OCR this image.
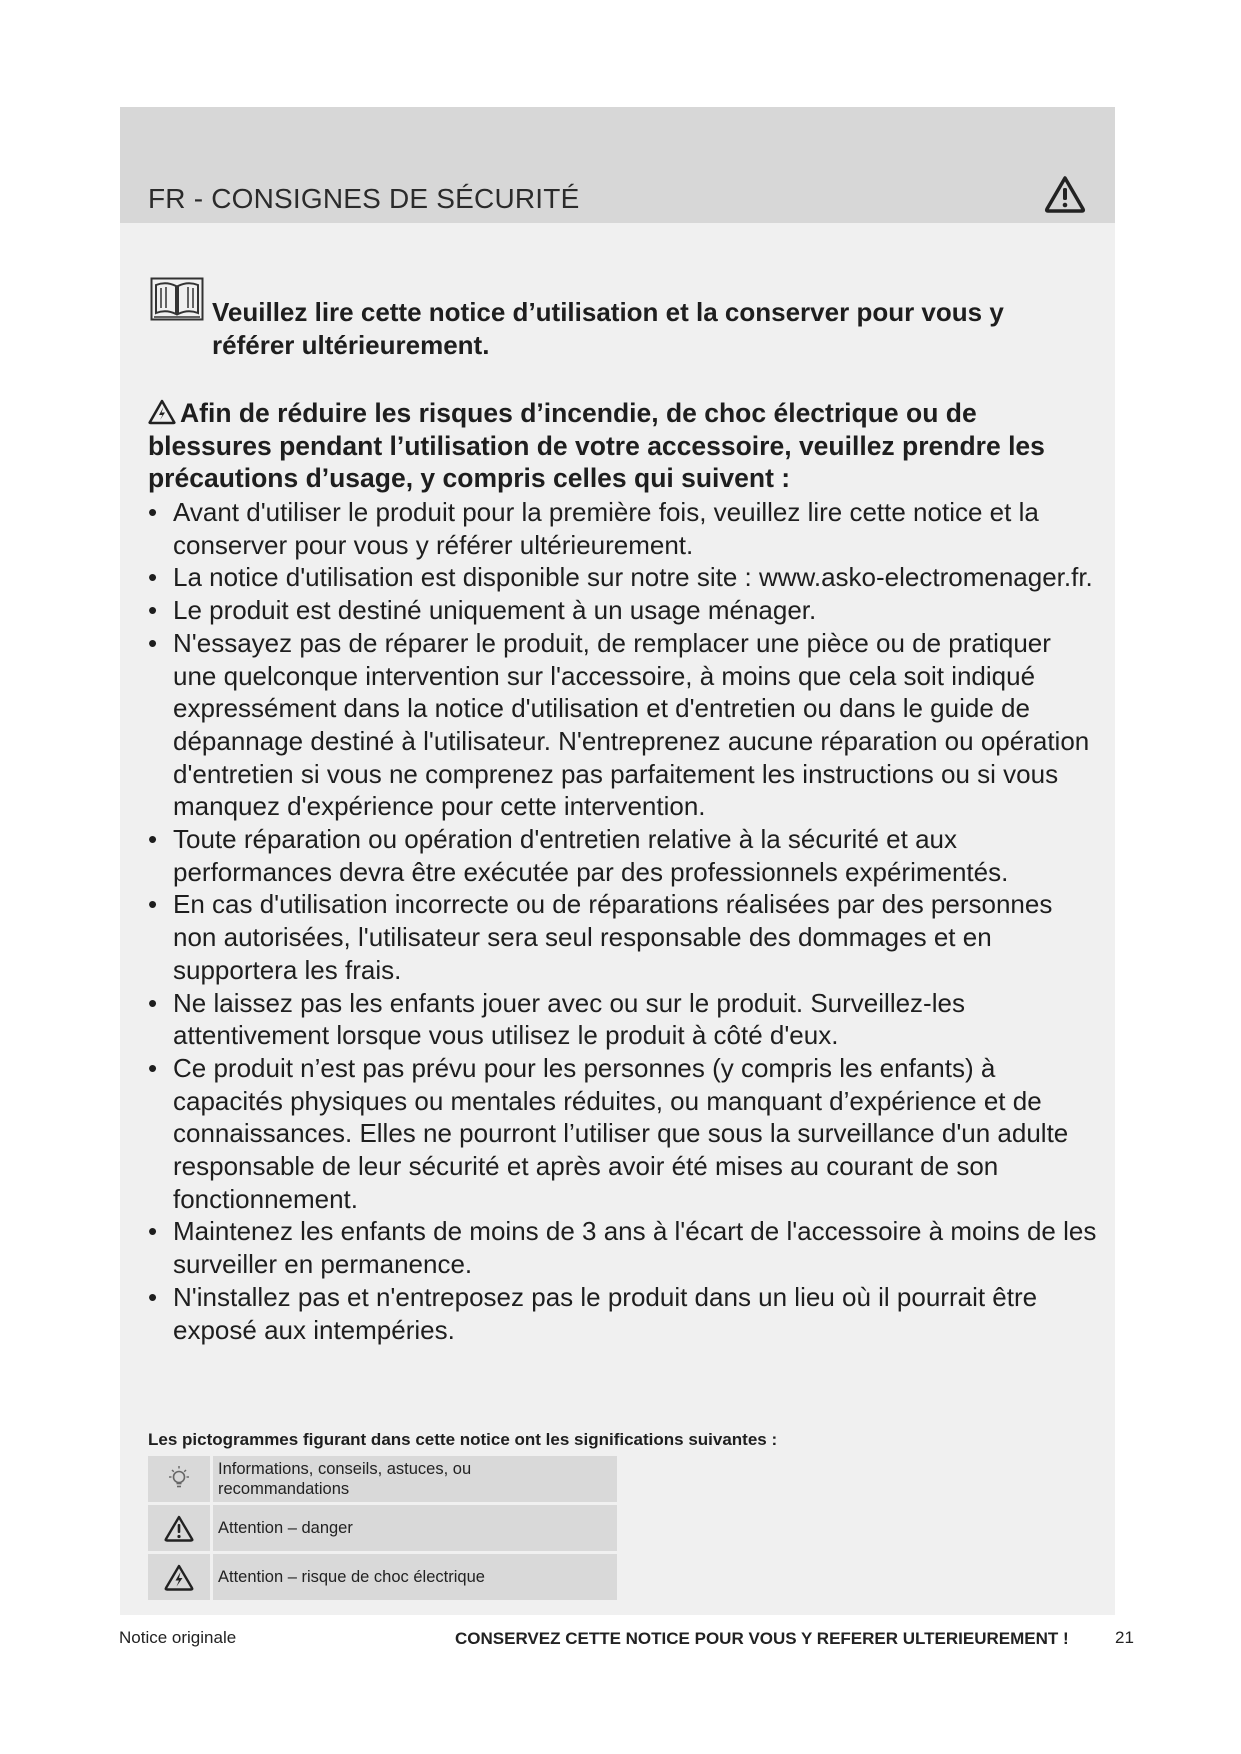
FR - CONSIGNES DE SÉCURITÉ
Veuillez lire cette notice d’utilisation et la conserver pour vous y référer ultérieurement.
Afin de réduire les risques d’incendie, de choc électrique ou de blessures pendant l’utilisation de votre accessoire, veuillez prendre les précautions d’usage, y compris celles qui suivent :
• Avant d'utiliser le produit pour la première fois, veuillez lire cette notice et la conserver pour vous y référer ultérieurement.
• La notice d'utilisation est disponible sur notre site : www.asko-electromenager.fr.
• Le produit est destiné uniquement à un usage ménager.
• N'essayez pas de réparer le produit, de remplacer une pièce ou de pratiquer une quelconque intervention sur l'accessoire, à moins que cela soit indiqué expressément dans la notice d'utilisation et d'entretien ou dans le guide de dépannage destiné à l'utilisateur. N'entreprenez aucune réparation ou opération d'entretien si vous ne comprenez pas parfaitement les instructions ou si vous manquez d'expérience pour cette intervention.
• Toute réparation ou opération d'entretien relative à la sécurité et aux performances devra être exécutée par des professionnels expérimentés.
• En cas d'utilisation incorrecte ou de réparations réalisées par des personnes non autorisées, l'utilisateur sera seul responsable des dommages et en supportera les frais.
• Ne laissez pas les enfants jouer avec ou sur le produit. Surveillez-les attentivement lorsque vous utilisez le produit à côté d'eux.
• Ce produit n’est pas prévu pour les personnes (y compris les enfants) à capacités physiques ou mentales réduites, ou manquant d’expérience et de connaissances. Elles ne pourront l’utiliser que sous la surveillance d'un adulte responsable de leur sécurité et après avoir été mises au courant de son fonctionnement.
• Maintenez les enfants de moins de 3 ans à l'écart de l'accessoire à moins de les surveiller en permanence.
• N'installez pas et n'entreposez pas le produit dans un lieu où il pourrait être exposé aux intempéries.
Les pictogrammes figurant dans cette notice ont les significations suivantes :
Informations, conseils, astuces, ou recommandations
Attention – danger
Attention – risque de choc électrique
Notice originale	CONSERVEZ CETTE NOTICE POUR VOUS Y REFERER ULTERIEUREMENT !	21
